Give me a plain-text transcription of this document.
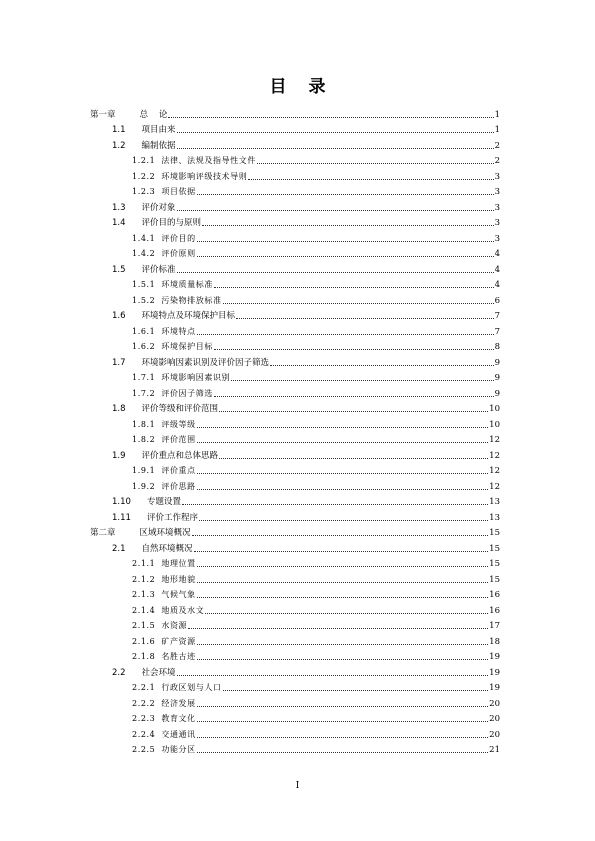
目 录
第一章	总    论	1
1.1 项目由来	1
1.2 编制依据	2
1.2.1 法律、法规及指导性文件	2
1.2.2 环境影响评级技术导则	3
1.2.3 项目依据	3
1.3 评价对象	3
1.4 评价目的与原则	3
1.4.1 评价目的	3
1.4.2 评价原则	4
1.5 评价标准	4
1.5.1 环境质量标准	4
1.5.2 污染物排放标准	6
1.6 环境特点及环境保护目标	7
1.6.1 环境特点	7
1.6.2 环境保护目标	8
1.7 环境影响因素识别及评价因子筛选	9
1.7.1 环境影响因素识别	9
1.7.2 评价因子筛选	9
1.8 评价等级和评价范围	10
1.8.1 评级等级	10
1.8.2 评价范围	12
1.9 评价重点和总体思路	12
1.9.1 评价重点	12
1.9.2 评价思路	12
1.10 专题设置	13
1.11 评价工作程序	13
第二章	区域环境概况	15
2.1 自然环境概况	15
2.1.1 地理位置	15
2.1.2 地形地貌	15
2.1.3 气候气象	16
2.1.4 地质及水文	16
2.1.5 水资源	17
2.1.6 矿产资源	18
2.1.8 名胜古迹	19
2.2 社会环境	19
2.2.1 行政区划与人口	19
2.2.2 经济发展	20
2.2.3 教育文化	20
2.2.4 交通通讯	20
2.2.5 功能分区	21
I
